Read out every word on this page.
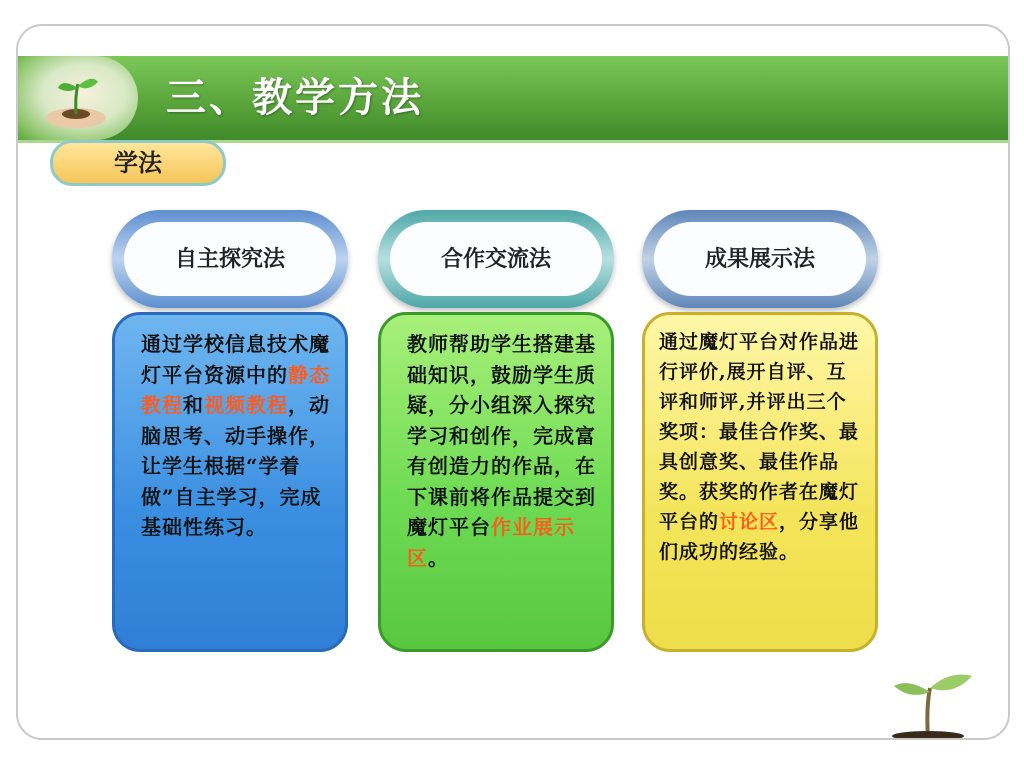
三、教学方法
学法
自主探究法	合作交流法	成果展示法
通过学校信息技术魔灯平台资源中的静态教程和视频教程，动脑思考、动手操作，让学生根据“学着做”自主学习，完成基础性练习。
教师帮助学生搭建基础知识，鼓励学生质疑，分小组深入探究学习和创作，完成富有创造力的作品，在下课前将作品提交到魔灯平台作业展示区。
通过魔灯平台对作品进行评价,展开自评、互评和师评,并评出三个奖项：最佳合作奖、最具创意奖、最佳作品奖。获奖的作者在魔灯平台的讨论区，分享他们成功的经验。
